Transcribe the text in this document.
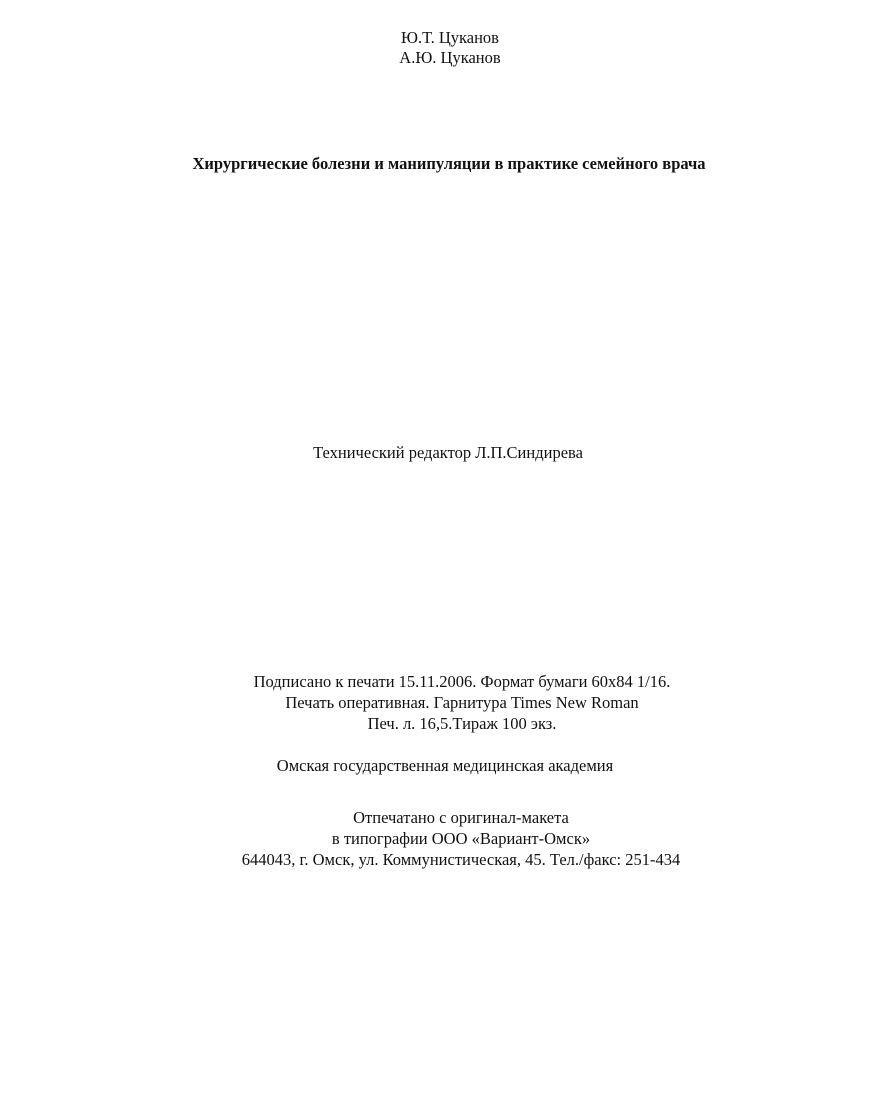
Ю.Т. Цуканов
А.Ю. Цуканов
Хирургические болезни и манипуляции в практике семейного врача
Технический редактор Л.П.Синдирева
Подписано к печати 15.11.2006. Формат бумаги 60х84 1/16.
Печать оперативная. Гарнитура Times New Roman
Печ. л. 16,5.Тираж 100 экз.
Омская государственная медицинская академия
Отпечатано с оригинал-макета
в типографии ООО «Вариант-Омск»
644043, г. Омск, ул. Коммунистическая, 45. Тел./факс: 251-434
